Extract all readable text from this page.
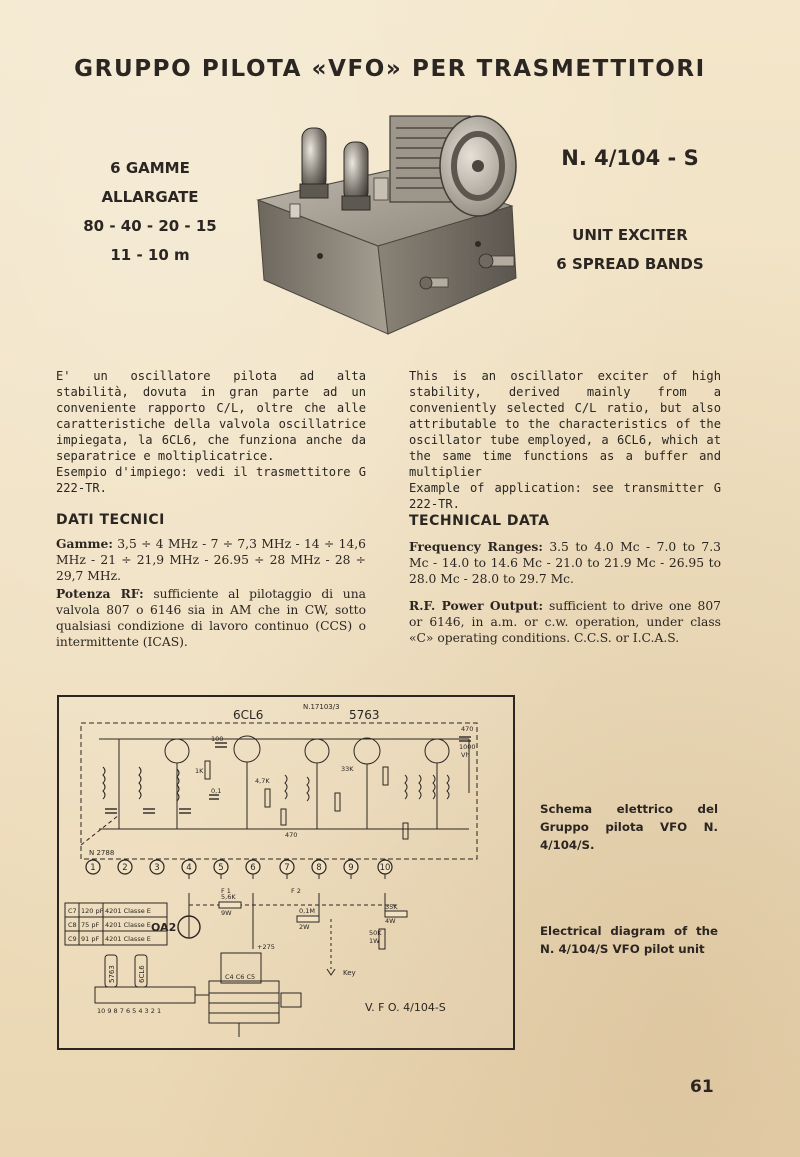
GRUPPO PILOTA «VFO» PER TRASMETTITORI
6 GAMME
ALLARGATE
80 - 40 - 20 - 15
11 - 10 m
N. 4/104 - S
UNIT EXCITER
6 SPREAD BANDS

E' un oscillatore pilota ad alta stabilità, dovuta in gran parte ad un conveniente rapporto C/L, oltre che alle caratteristiche della valvola oscillatrice impiegata, la 6CL6, che funziona anche da separatrice e moltiplicatrice.

Esempio d'impiego: vedi il trasmettitore G 222-TR.

This is an oscillator exciter of high stability, derived mainly from a conveniently selected C/L ratio, but also attributable to the characteristics of the oscillator tube employed, a 6CL6, which at the same time functions as a buffer and multiplier

Example of application: see transmitter G 222-TR.

DATI TECNICI

Gamme: 3,5 ÷ 4 MHz - 7 ÷ 7,3 MHz - 14 ÷ 14,6 MHz - 21 ÷ 21,9 MHz - 26.95 ÷ 28 MHz - 28 ÷ 29,7 MHz.

Potenza RF: sufficiente al pilotaggio di una valvola 807 o 6146 sia in AM che in CW, sotto qualsiasi condizione di lavoro continuo (CCS) o intermittente (ICAS).

TECHNICAL DATA

Frequency Ranges: 3.5 to 4.0 Mc - 7.0 to 7.3 Mc - 14.0 to 14.6 Mc - 21.0 to 21.9 Mc - 26.95 to 28.0 Mc - 28.0 to 29.7 Mc.

R.F. Power Output: sufficient to drive one 807 or 6146, in a.m. or c.w. operation, under class «C» operating conditions. C.C.S. or I.C.A.S.

1	2	3	4	5	6	7	8	9	10
6CL6	5763
N.17103/3
N 2788
100
0,1
1K
4,7K
470
33K
470
1000
Vh
5,6K
9W	0,1M
2W
35K
4W
50K
1W
+275
F 1	F 2
10 9 8 7 6 5 4 3 2 1
C4 C6 C5
OA2
Key
V. F O. 4/104-S
C7 120 pF 4201 Classe E
C8 75 pF 4201 Classe E
C9 91 pF 4201 Classe E
5763	6CL6
Schema elettrico del Gruppo pilota VFO N. 4/104/S.
Electrical diagram of the N. 4/104/S VFO pilot unit
61
